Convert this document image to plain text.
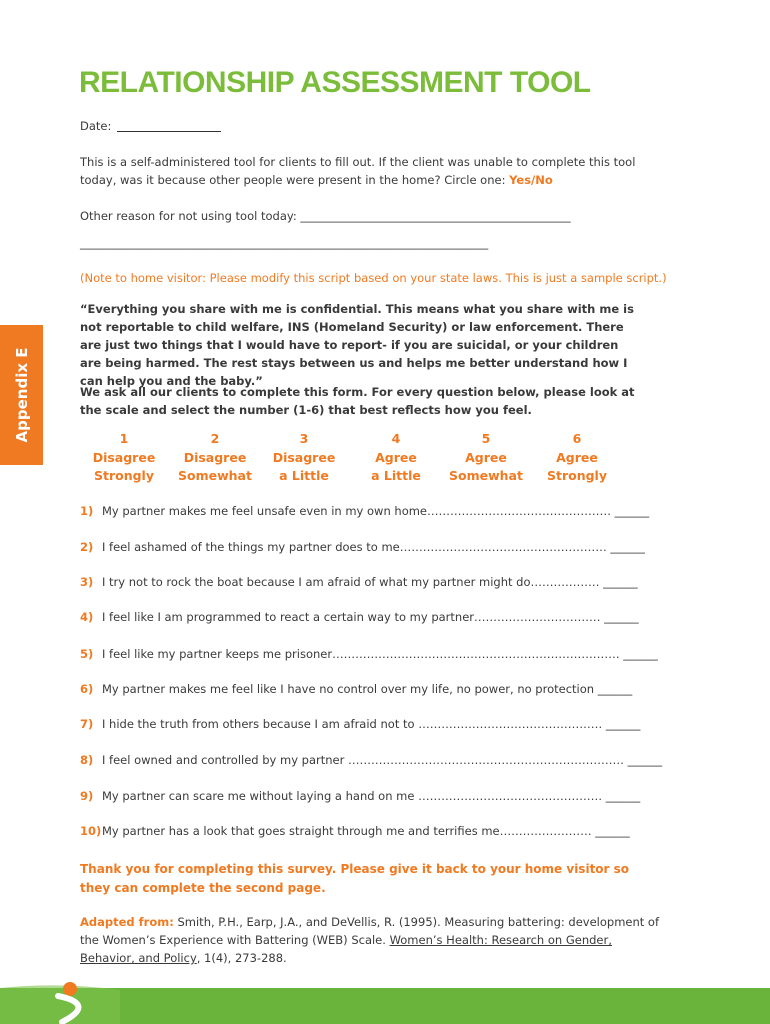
RELATIONSHIP ASSESSMENT TOOL
Date:
This is a self-administered tool for clients to fill out. If the client was unable to complete this tool today, was it because other people were present in the home? Circle one: Yes/No
Other reason for not using tool today: _______________________________________________
_______________________________________________________________________
(Note to home visitor: Please modify this script based on your state laws. This is just a sample script.)
“Everything you share with me is confidential. This means what you share with me is not reportable to child welfare, INS (Homeland Security) or law enforcement. There are just two things that I would have to report- if you are suicidal, or your children are being harmed. The rest stays between us and helps me better understand how I can help you and the baby.”
We ask all our clients to complete this form. For every question below, please look at the scale and select the number (1-6) that best reflects how you feel.
Appendix E	1
Disagree
Strongly
2
Disagree
Somewhat
3
Disagree
a Little
4
Agree
a Little
5
Agree
Somewhat
6
Agree
Strongly
1) My partner makes me feel unsafe even in my own home………………………………………… ______
2) I feel ashamed of the things my partner does to me……………………………………………… ______
3) I try not to rock the boat because I am afraid of what my partner might do……………… ______
4) I feel like I am programmed to react a certain way to my partner…………………………… ______
5) I feel like my partner keeps me prisoner………………………………………………………………… ______
6) My partner makes me feel like I have no control over my life, no power, no protection ______
7) I hide the truth from others because I am afraid not to ………………………………………… ______
8) I feel owned and controlled by my partner ……………………………………………………………… ______
9) My partner can scare me without laying a hand on me ………………………………………… ______
10)My partner has a look that goes straight through me and terrifies me…………………… ______
Thank you for completing this survey. Please give it back to your home visitor so they can complete the second page.
Adapted from: Smith, P.H., Earp, J.A., and DeVellis, R. (1995). Measuring battering: development of the Women’s Experience with Battering (WEB) Scale. Women’s Health: Research on Gender, Behavior, and Policy, 1(4), 273-288.
